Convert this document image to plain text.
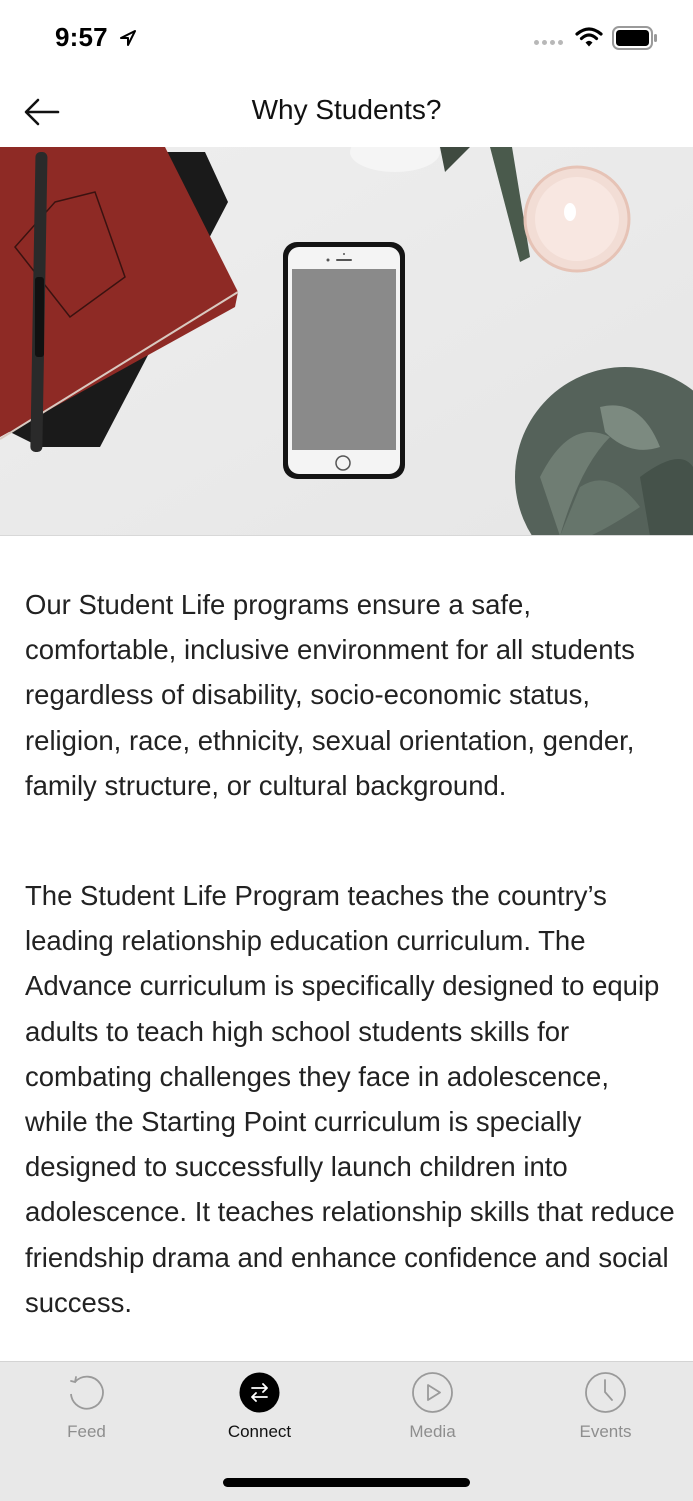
9:57
Why Students?

Our Student Life programs ensure a safe, comfortable, inclusive environment for all students regardless of disability, socio-economic status, religion, race, ethnicity, sexual orientation, gender, family structure, or cultural background.

The Student Life Program teaches the country’s leading relationship education curriculum. The Advance curriculum is specifically designed to equip adults to teach high school students skills for combating challenges they face in adolescence, while the Starting Point curriculum is specially designed to successfully launch children into adolescence. It teaches relationship skills that reduce friendship drama and enhance confidence and social success.

Feed	Connect	Media	Events
